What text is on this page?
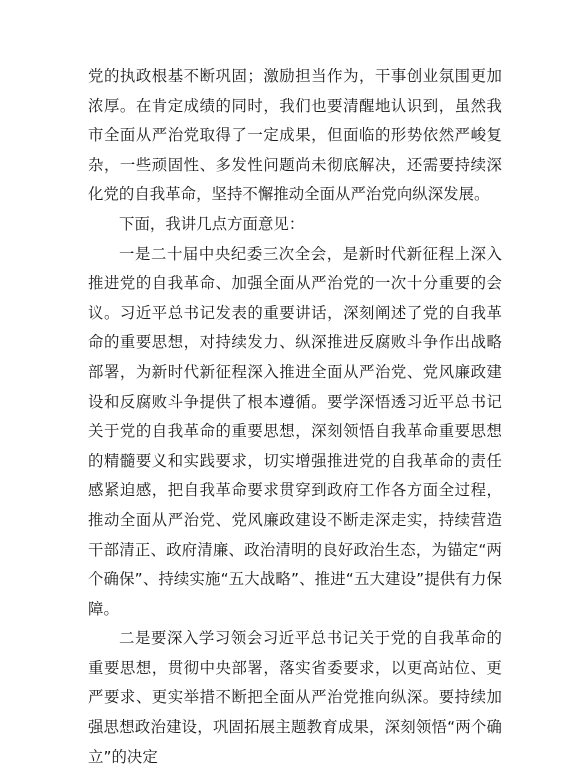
党的执政根基不断巩固；激励担当作为，干事创业氛围更加浓厚。在肯定成绩的同时，我们也要清醒地认识到，虽然我市全面从严治党取得了一定成果，但面临的形势依然严峻复杂，一些顽固性、多发性问题尚未彻底解决，还需要持续深化党的自我革命，坚持不懈推动全面从严治党向纵深发展。

下面，我讲几点方面意见：

一是二十届中央纪委三次全会，是新时代新征程上深入推进党的自我革命、加强全面从严治党的一次十分重要的会议。习近平总书记发表的重要讲话，深刻阐述了党的自我革命的重要思想，对持续发力、纵深推进反腐败斗争作出战略部署，为新时代新征程深入推进全面从严治党、党风廉政建设和反腐败斗争提供了根本遵循。要学深悟透习近平总书记关于党的自我革命的重要思想，深刻领悟自我革命重要思想的精髓要义和实践要求，切实增强推进党的自我革命的责任感紧迫感，把自我革命要求贯穿到政府工作各方面全过程，推动全面从严治党、党风廉政建设不断走深走实，持续营造干部清正、政府清廉、政治清明的良好政治生态，为锚定“两个确保”、持续实施“五大战略”、推进“五大建设”提供有力保障。

二是要深入学习领会习近平总书记关于党的自我革命的重要思想，贯彻中央部署，落实省委要求，以更高站位、更严要求、更实举措不断把全面从严治党推向纵深。要持续加强思想政治建设，巩固拓展主题教育成果，深刻领悟“两个确立”的决定
